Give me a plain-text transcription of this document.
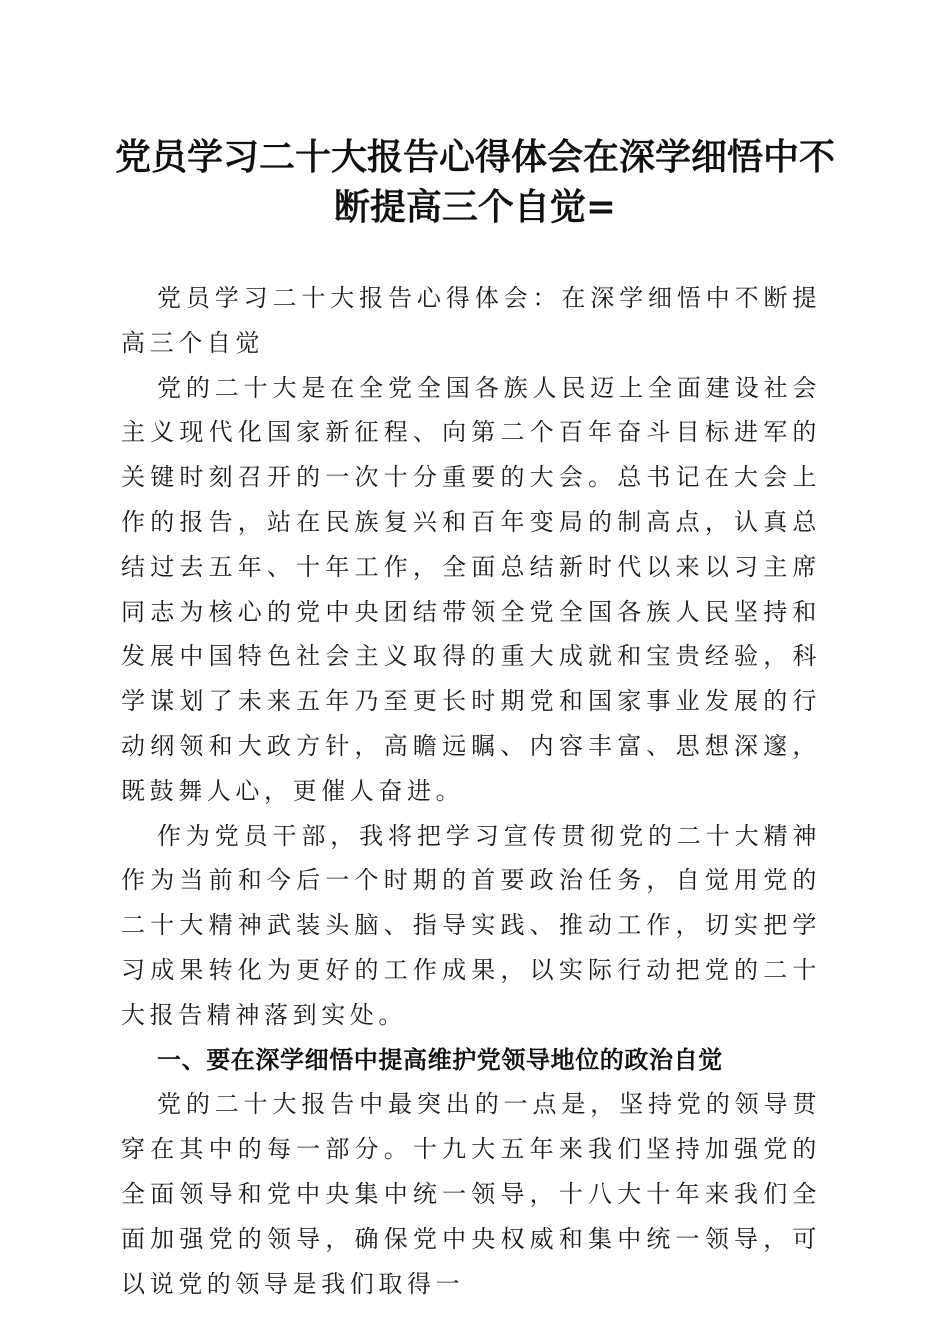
党员学习二十大报告心得体会在深学细悟中不断提高三个自觉=

党员学习二十大报告心得体会：在深学细悟中不断提高三个自觉

党的二十大是在全党全国各族人民迈上全面建设社会主义现代化国家新征程、向第二个百年奋斗目标进军的关键时刻召开的一次十分重要的大会。总书记在大会上作的报告，站在民族复兴和百年变局的制高点，认真总结过去五年、十年工作，全面总结新时代以来以习主席同志为核心的党中央团结带领全党全国各族人民坚持和发展中国特色社会主义取得的重大成就和宝贵经验，科学谋划了未来五年乃至更长时期党和国家事业发展的行动纲领和大政方针，高瞻远瞩、内容丰富、思想深邃，既鼓舞人心，更催人奋进。

作为党员干部，我将把学习宣传贯彻党的二十大精神作为当前和今后一个时期的首要政治任务，自觉用党的二十大精神武装头脑、指导实践、推动工作，切实把学习成果转化为更好的工作成果，以实际行动把党的二十大报告精神落到实处。

一、要在深学细悟中提高维护党领导地位的政治自觉

党的二十大报告中最突出的一点是，坚持党的领导贯穿在其中的每一部分。十九大五年来我们坚持加强党的全面领导和党中央集中统一领导，十八大十年来我们全面加强党的领导，确保党中央权威和集中统一领导，可以说党的领导是我们取得一
